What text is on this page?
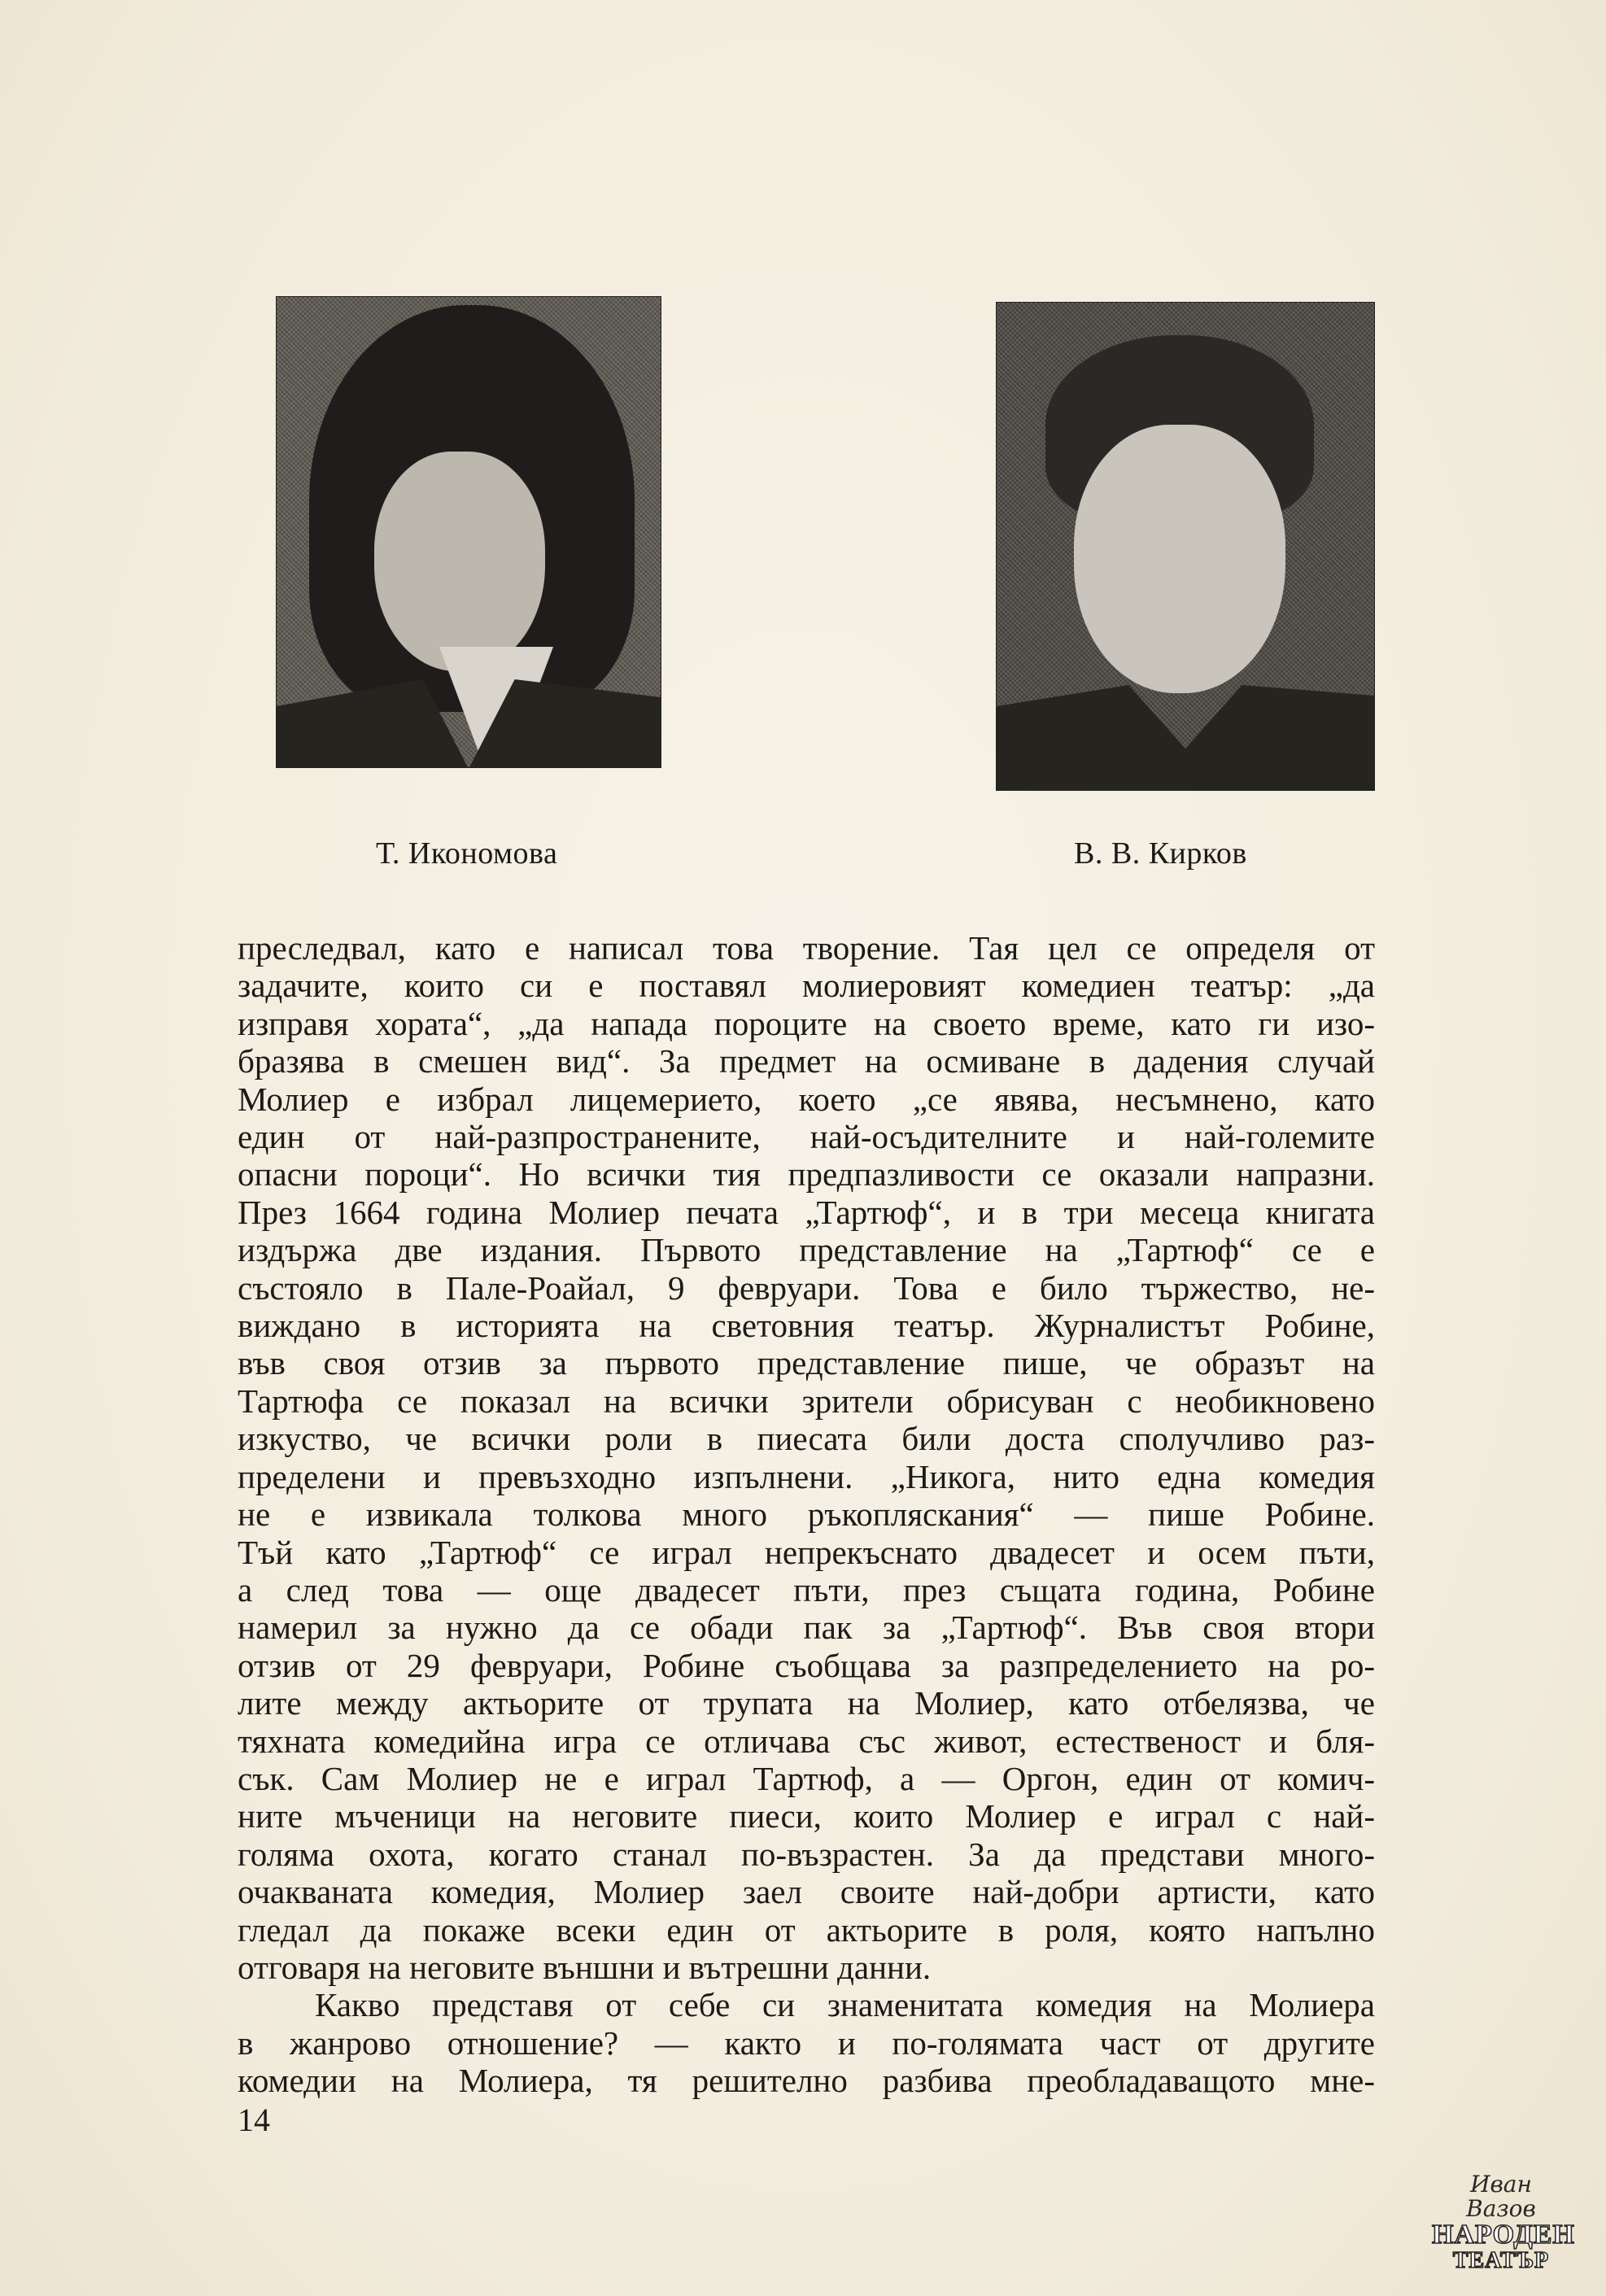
Т. Икономова	В. В. Кирков

преследвал, като е написал това творение. Тая цел се определя от
задачите, които си е поставял молиеровият комедиен театър: „да
изправя хората“, „да напада пороците на своето време, като ги изо-
бразява в смешен вид“. За предмет на осмиване в дадения случай
Молиер е избрал лицемерието, което „се явява, несъмнено, като
един от най-разпространените, най-осъдителните и най-големите
опасни пороци“. Но всички тия предпазливости се оказали напразни.
През 1664 година Молиер печата „Тартюф“, и в три месеца книгата
издържа две издания. Първото представление на „Тартюф“ се е
състояло в Пале-Роайал, 9 февруари. Това е било тържество, не-
виждано в историята на световния театър. Журналистът Робине,
във своя отзив за първото представление пише, че образът на
Тартюфа се показал на всички зрители обрисуван с необикновено
изкуство, че всички роли в пиесата били доста сполучливо раз-
пределени и превъзходно изпълнени. „Никога, нито една комедия
не е извикала толкова много ръкопляскания“ — пише Робине.
Тъй като „Тартюф“ се играл непрекъснато двадесет и осем пъти,
а след това — още двадесет пъти, през същата година, Робине
намерил за нужно да се обади пак за „Тартюф“. Във своя втори
отзив от 29 февруари, Робине съобщава за разпределението на ро-
лите между актьорите от трупата на Молиер, като отбелязва, че
тяхната комедийна игра се отличава със живот, естественост и бля-
сък. Сам Молиер не е играл Тартюф, а — Оргон, един от комич-
ните мъченици на неговите пиеси, които Молиер е играл с най-
голяма охота, когато станал по-възрастен. За да представи много-
очакваната комедия, Молиер заел своите най-добри артисти, като
гледал да покаже всеки един от актьорите в роля, която напълно
отговаря на неговите външни и вътрешни данни.

Какво представя от себе си знаменитата комедия на Молиера
в жанрово отношение? — както и по-голямата част от другите
комедии на Молиера, тя решително разбива преобладаващото мне-

14
Иван Вазов
НАРОДЕН
ТЕАТЪР
